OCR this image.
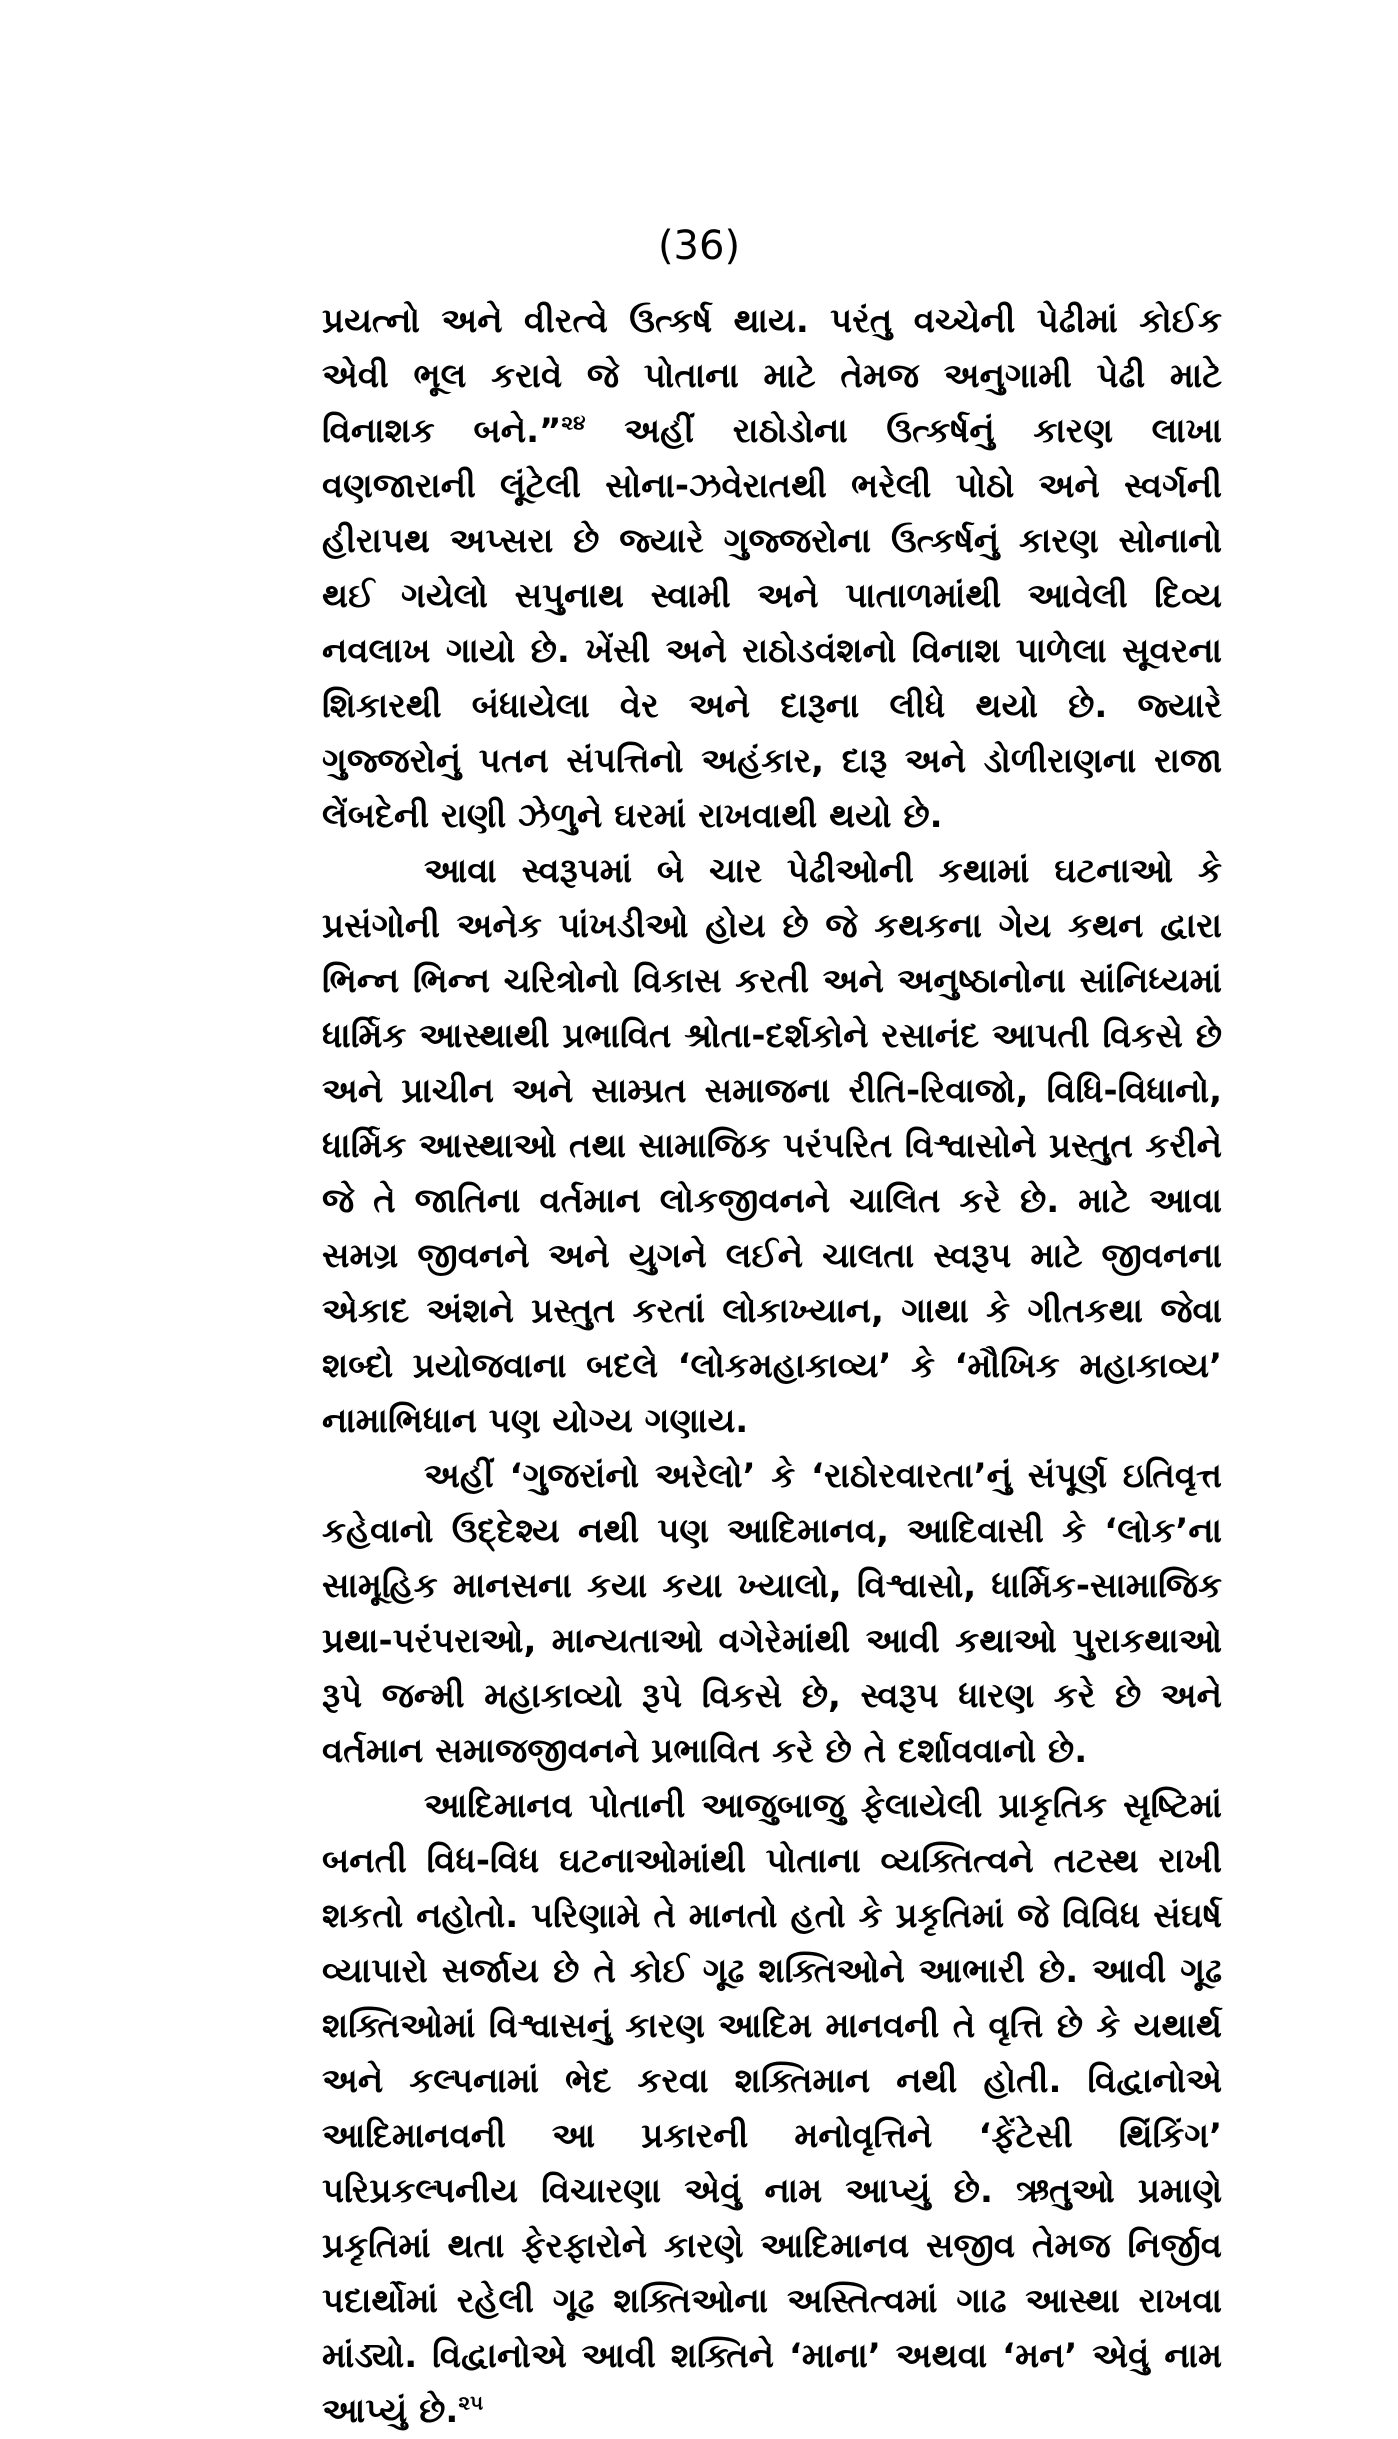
(36)

પ્રયત્નો અને વીરત્વે ઉત્કર્ષ થાય. પરંતુ વચ્ચેની પેઢીમાં કોઈક એવી ભૂલ કરાવે જે પોતાના માટે તેમજ અનુગામી પેઢી માટે વિનાશક બને.”$^{૨૪}$ અહીં રાઠોડોના ઉત્કર્ષનું કારણ લાખા વણજારાની લૂંટેલી સોના-ઝવેરાતથી ભરેલી પોઠો અને સ્વર્ગની હીરાપથ અપ્સરા છે જ્યારે ગુજ્જરોના ઉત્કર્ષનું કારણ સોનાનો થઈ ગયેલો સપુનાથ સ્વામી અને પાતાળમાંથી આવેલી દિવ્ય નવલાખ ગાયો છે. ખેંસી અને રાઠોડવંશનો વિનાશ પાળેલા સૂવરના શિકારથી બંધાયેલા વેર અને દારૂના લીધે થયો છે. જ્યારે ગુજ્જરોનું પતન સંપત્તિનો અહંકાર, દારૂ અને ડોળીરાણના રાજા લેંબદેની રાણી ઝેળુને ઘરમાં રાખવાથી થયો છે.

આવા સ્વરૂપમાં બે ચાર પેઢીઓની કથામાં ઘટનાઓ કે પ્રસંગોની અનેક પાંખડીઓ હોય છે જે કથકના ગેય કથન દ્વારા ભિન્ન ભિન્ન ચરિત્રોનો વિકાસ કરતી અને અનુષ્ઠાનોના સાંનિધ્યમાં ધાર્મિક આસ્થાથી પ્રભાવિત શ્રોતા-દર્શકોને રસાનંદ આપતી વિકસે છે અને પ્રાચીન અને સામ્પ્રત સમાજના રીતિ-રિવાજો, વિધિ-વિધાનો, ધાર્મિક આસ્થાઓ તથા સામાજિક પરંપરિત વિશ્વાસોને પ્રસ્તુત કરીને જે તે જાતિના વર્તમાન લોકજીવનને ચાલિત કરે છે. માટે આવા સમગ્ર જીવનને અને યુગને લઈને ચાલતા સ્વરૂપ માટે જીવનના એકાદ અંશને પ્રસ્તુત કરતાં લોકાખ્યાન, ગાથા કે ગીતકથા જેવા શબ્દો પ્રયોજવાના બદલે ‘લોકમહાકાવ્ય’ કે ‘મૌખિક મહાકાવ્ય’ નામાભિધાન પણ યોગ્ય ગણાય.

અહીં ‘ગુજરાંનો અરેલો’ કે ‘રાઠોરવારતા’નું સંપૂર્ણ ઇતિવૃત્ત કહેવાનો ઉદ્દેશ્ય નથી પણ આદિમાનવ, આદિવાસી કે ‘લોક’ના સામૂહિક માનસના કયા કયા ખ્યાલો, વિશ્વાસો, ધાર્મિક-સામાજિક પ્રથા-પરંપરાઓ, માન્યતાઓ વગેરેમાંથી આવી કથાઓ પુરાકથાઓ રૂપે જન્મી મહાકાવ્યો રૂપે વિકસે છે, સ્વરૂપ ધારણ કરે છે અને વર્તમાન સમાજજીવનને પ્રભાવિત કરે છે તે દર્શાવવાનો છે.

આદિમાનવ પોતાની આજુબાજુ ફેલાયેલી પ્રાકૃતિક સૃષ્ટિમાં બનતી વિધ-વિધ ઘટનાઓમાંથી પોતાના વ્યક્તિત્વને તટસ્થ રાખી શકતો નહોતો. પરિણામે તે માનતો હતો કે પ્રકૃતિમાં જે વિવિધ સંઘર્ષ વ્યાપારો સર્જાય છે તે કોઈ ગૂઢ શક્તિઓને આભારી છે. આવી ગૂઢ શક્તિઓમાં વિશ્વાસનું કારણ આદિમ માનવની તે વૃત્તિ છે કે યથાર્થ અને કલ્પનામાં ભેદ કરવા શક્તિમાન નથી હોતી. વિદ્વાનોએ આદિમાનવની આ પ્રકારની મનોવૃત્તિને ‘ફેંટેસી થિંકિંગ’ પરિપ્રકલ્પનીય વિચારણા એવું નામ આપ્યું છે. ઋતુઓ પ્રમાણે પ્રકૃતિમાં થતા ફેરફારોને કારણે આદિમાનવ સજીવ તેમજ નિર્જીવ પદાર્થોમાં રહેલી ગૂઢ શક્તિઓના અસ્તિત્વમાં ગાઢ આસ્થા રાખવા માંડ્યો. વિદ્વાનોએ આવી શક્તિને ‘માના’ અથવા ‘મન’ એવું નામ આપ્યું છે.$^{૨૫}$
